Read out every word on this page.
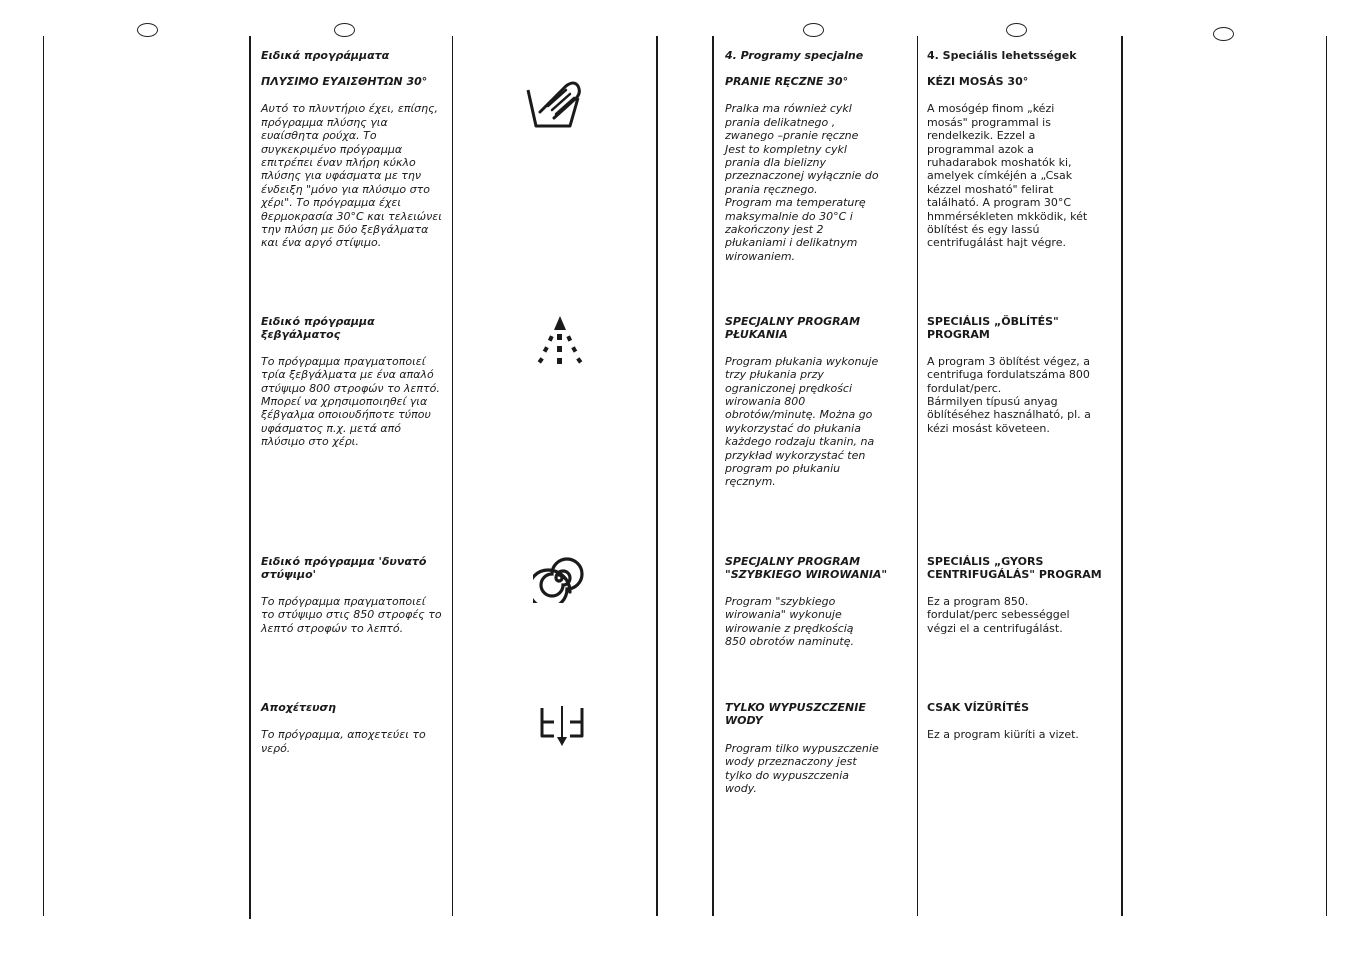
Ειδικά προγράμματα

ΠΛΥΣΙΜΟ ΕΥΑΙΣΘΗΤΩΝ 30°

Αυτό το πλυντήριο έχει, επίσης,
πρόγραμμα πλύσης για
ευαίσθητα ρούχα. Το
συγκεκριμένο πρόγραμμα
επιτρέπει έναν πλήρη κύκλο
πλύσης για υφάσματα με την
ένδειξη "μόνο για πλύσιμο στο
χέρι". Το πρόγραμμα έχει
θερμοκρασία 30°C και τελειώνει
την πλύση με δύο ξεβγάλματα
και ένα αργό στίψιμο.

Ειδικό πρόγραμμα
ξεβγάλματος

Το πρόγραμμα πραγματοποιεί
τρία ξεβγάλματα με ένα απαλό
στύψιμο 800 στροφών το λεπτό.
Μπορεί να χρησιμοποιηθεί για
ξέβγαλμα οποιουδήποτε τύπου
υφάσματος π.χ. μετά από
πλύσιμο στο χέρι.

Ειδικό πρόγραμμα 'δυνατό
στύψιμο'

Το πρόγραμμα πραγματοποιεί
το στύψιμο στις 850 στροφές το
λεπτό στροφών το λεπτό.

Αποχέτευση

Το πρόγραμμα, αποχετεύει το
νερό.

4. Programy specjalne

PRANIE RĘCZNE 30°

Pralka ma również cykl
prania delikatnego ,
zwanego –pranie ręczne
Jest to kompletny cykl
prania dla bielizny
przeznaczonej wyłącznie do
prania ręcznego.
Program ma temperaturę
maksymalnie do 30°C i
zakończony jest 2
płukaniami i delikatnym
wirowaniem.

SPECJALNY PROGRAM
PŁUKANIA

Program płukania wykonuje
trzy płukania przy
ograniczonej prędkości
wirowania 800
obrotów/minutę. Można go
wykorzystać do płukania
każdego rodzaju tkanin, na
przykład wykorzystać ten
program po płukaniu
ręcznym.

SPECJALNY PROGRAM
"SZYBKIEGO WIROWANIA"

Program "szybkiego
wirowania" wykonuje
wirowanie z prędkością
850 obrotów naminutę.

TYLKO WYPUSZCZENIE WODY

Program tilko wypuszczenie
wody przeznaczony jest
tylko do wypuszczenia
wody.

4. Speciális lehetsségek

KÉZI MOSÁS 30°

A mosógép finom „kézi
mosás" programmal is
rendelkezik. Ezzel a
programmal azok a
ruhadarabok moshatók ki,
amelyek címkéjén a „Csak
kézzel mosható" felirat
található. A program 30°C
hmmérsékleten mkködik, két
öblítést és egy lassú
centrifugálást hajt végre.

SPECIÁLIS „ÖBLÍTÉS"
PROGRAM

A program 3 öblítést végez, a
centrifuga fordulatszáma 800
fordulat/perc.
Bármilyen típusú anyag
öblítéséhez használható, pl. a
kézi mosást követeen.

SPECIÁLIS „GYORS
CENTRIFUGÁLÁS" PROGRAM

Ez a program 850.
fordulat/perc sebességgel
végzi el a centrifugálást.

CSAK VÍZÜRÍTÉS

Ez a program kiüríti a vizet.
